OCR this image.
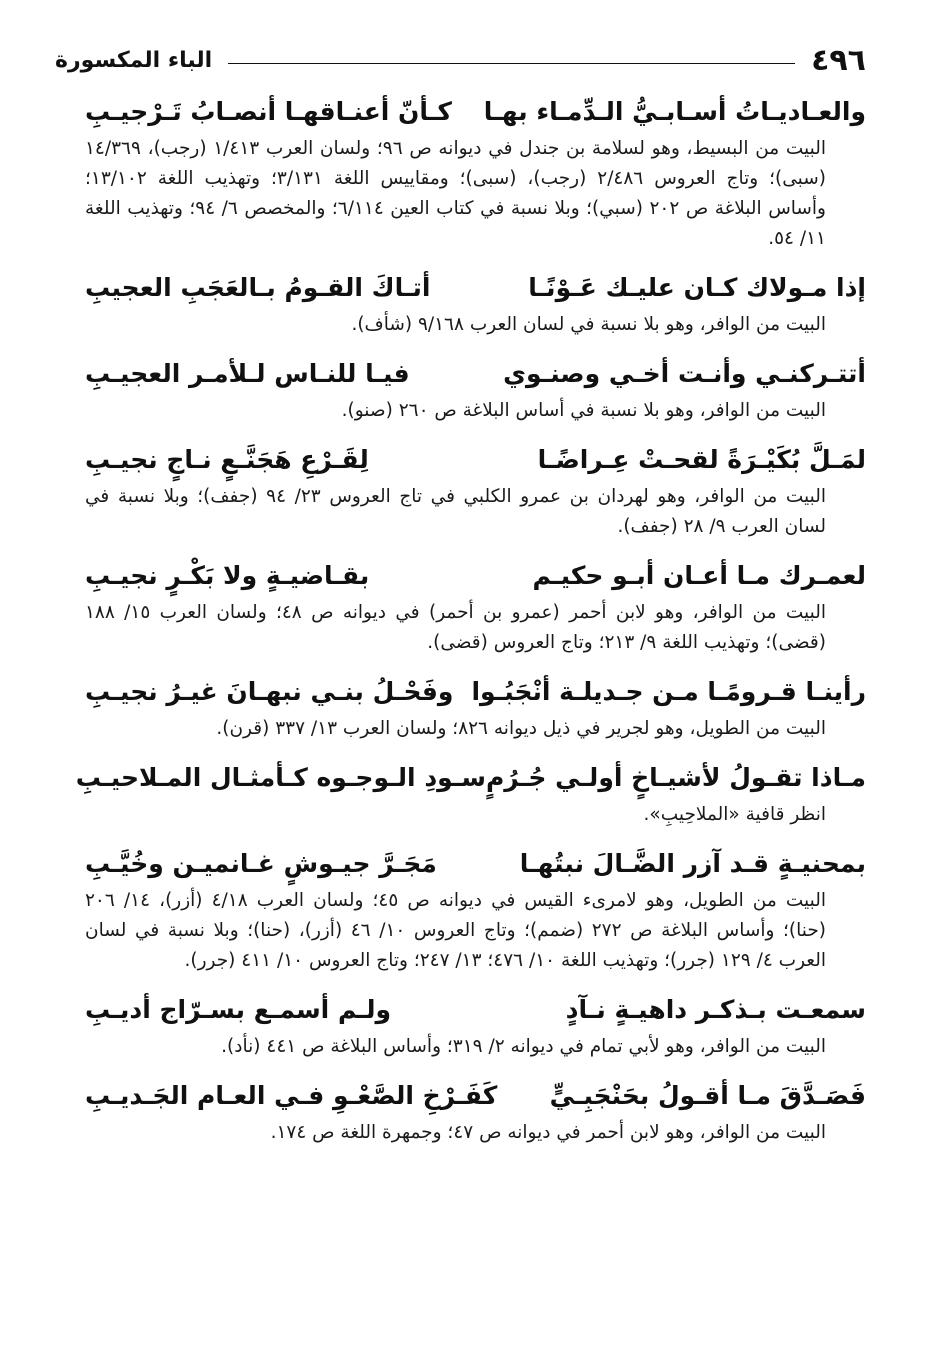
٤٩٦
الباء المكسورة
والعـاديـاتُ أسـابـيُّ الـدِّمـاء بهـا
كـأنّ أعنـاقهـا أنصـابُ تَـرْجيـبِ
البيت من البسيط، وهو لسلامة بن جندل في ديوانه ص ٩٦؛ ولسان العرب ١/٤١٣ (رجب)، ١٤/٣٦٩ (سبى)؛ وتاج العروس ٢/٤٨٦ (رجب)، (سبى)؛ ومقاييس اللغة ٣/١٣١؛ وتهذيب اللغة ١٣/١٠٢؛ وأساس البلاغة ص ٢٠٢ (سبي)؛ وبلا نسبة في كتاب العين ٦/١١٤؛ والمخصص ٦/ ٩٤؛ وتهذيب اللغة ١١/ ٥٤.
إذا مـولاك كـان عليـك عَـوْنًـا
أتـاكَ القـومُ بـالعَجَبِ العجيبِ
البيت من الوافر، وهو بلا نسبة في لسان العرب ٩/١٦٨ (شأف).
أتتـركنـي وأنـت أخـي وصنـوي
فيـا للنـاس لـلأمـر العجيـبِ
البيت من الوافر، وهو بلا نسبة في أساس البلاغة ص ٢٦٠ (صنو).
لمَـلَّ بُكَيْـرَةً لقحـتْ عِـراضًـا
لِقَـرْعِ هَجَنَّـعٍ نـاجٍ نجيـبِ
البيت من الوافر، وهو لهردان بن عمرو الكلبي في تاج العروس ٢٣/ ٩٤ (جفف)؛ وبلا نسبة في لسان العرب ٩/ ٢٨ (جفف).
لعمـرك مـا أعـان أبـو حكيـم
بقـاضيـةٍ ولا بَكْـرٍ نجيـبِ
البيت من الوافر، وهو لابن أحمر (عمرو بن أحمر) في ديوانه ص ٤٨؛ ولسان العرب ١٥/ ١٨٨ (قضى)؛ وتهذيب اللغة ٩/ ٢١٣؛ وتاج العروس (قضى).
رأينـا قـرومًـا مـن جـديلـة أنْجَبُـوا
وفَحْـلُ بنـي نبهـانَ غيـرُ نجيـبِ
البيت من الطويل، وهو لجرير في ذيل ديوانه ٨٢٦؛ ولسان العرب ١٣/ ٣٣٧ (قرن).
مـاذا تقـولُ لأشيـاخٍ أولـي جُـرُمٍ
سـودِ الـوجـوه كـأمثـال المـلاحيـبِ
انظر قافية «الملاحِيبِ».
بمحنيـةٍ قـد آزر الضَّـالَ نبتُهـا
مَجَـرَّ جيـوشٍ غـانميـن وخُيَّـبِ
البيت من الطويل، وهو لامرىء القيس في ديوانه ص ٤٥؛ ولسان العرب ٤/١٨ (أزر)، ١٤/ ٢٠٦ (حنا)؛ وأساس البلاغة ص ٢٧٢ (ضمم)؛ وتاج العروس ١٠/ ٤٦ (أزر)، (حنا)؛ وبلا نسبة في لسان العرب ٤/ ١٢٩ (جرر)؛ وتهذيب اللغة ١٠/ ٤٧٦؛ ١٣/ ٢٤٧؛ وتاج العروس ١٠/ ٤١١ (جرر).
سمعـت بـذكـر داهيـةٍ نـآدٍ
ولـم أسمـع بسـرّاج أديـبِ
البيت من الوافر، وهو لأبي تمام في ديوانه ٢/ ٣١٩؛ وأساس البلاغة ص ٤٤١ (نأد).
فَصَـدَّقَ مـا أقـولُ بحَنْجَبِـيٍّ
كَفَـرْخِ الصَّعْـوِ فـي العـام الجَـديـبِ
البيت من الوافر، وهو لابن أحمر في ديوانه ص ٤٧؛ وجمهرة اللغة ص ١٧٤.
